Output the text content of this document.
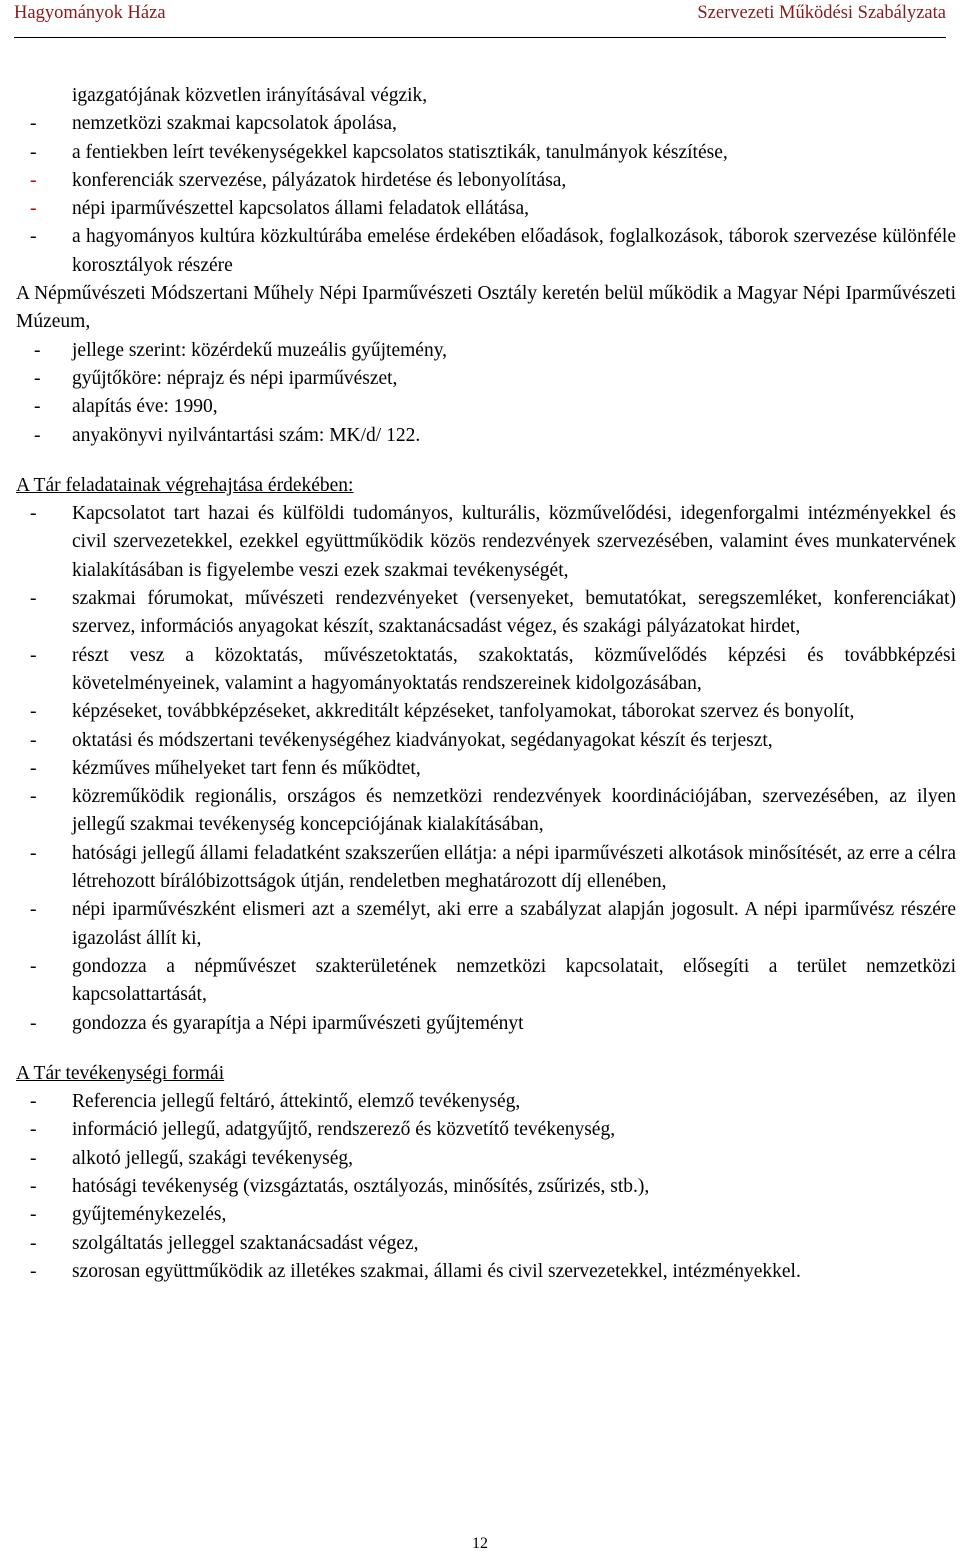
Hagyományok Háza	Szervezeti Működési Szabályzata
igazgatójának közvetlen irányításával végzik,
- nemzetközi szakmai kapcsolatok ápolása,
- a fentiekben leírt tevékenységekkel kapcsolatos statisztikák, tanulmányok készítése,
- konferenciák szervezése, pályázatok hirdetése és lebonyolítása,
- népi iparművészettel kapcsolatos állami feladatok ellátása,
- a hagyományos kultúra közkultúrába emelése érdekében előadások, foglalkozások, táborok szervezése különféle korosztályok részére

A Népművészeti Módszertani Műhely Népi Iparművészeti Osztály keretén belül működik a Magyar Népi Iparművészeti Múzeum,

- jellege szerint: közérdekű muzeális gyűjtemény,
- gyűjtőköre: néprajz és népi iparművészet,
- alapítás éve: 1990,
- anyakönyvi nyilvántartási szám: MK/d/ 122.

A Tár feladatainak végrehajtása érdekében:

- Kapcsolatot tart hazai és külföldi tudományos, kulturális, közművelődési, idegenforgalmi intézményekkel és civil szervezetekkel, ezekkel együttműködik közös rendezvények szervezésében, valamint éves munkatervének kialakításában is figyelembe veszi ezek szakmai tevékenységét,
- szakmai fórumokat, művészeti rendezvényeket (versenyeket, bemutatókat, seregszemléket, konferenciákat) szervez, információs anyagokat készít, szaktanácsadást végez, és szakági pályázatokat hirdet,
- részt vesz a közoktatás, művészetoktatás, szakoktatás, közművelődés képzési és továbbképzési követelményeinek, valamint a hagyományoktatás rendszereinek kidolgozásában,
- képzéseket, továbbképzéseket, akkreditált képzéseket, tanfolyamokat, táborokat szervez és bonyolít,
- oktatási és módszertani tevékenységéhez kiadványokat, segédanyagokat készít és terjeszt,
- kézműves műhelyeket tart fenn és működtet,
- közreműködik regionális, országos és nemzetközi rendezvények koordinációjában, szervezésében, az ilyen jellegű szakmai tevékenység koncepciójának kialakításában,
- hatósági jellegű állami feladatként szakszerűen ellátja: a népi iparművészeti alkotások minősítését, az erre a célra létrehozott bírálóbizottságok útján, rendeletben meghatározott díj ellenében,
- népi iparművészként elismeri azt a személyt, aki erre a szabályzat alapján jogosult. A népi iparművész részére igazolást állít ki,
- gondozza a népművészet szakterületének nemzetközi kapcsolatait, elősegíti a terület nemzetközi kapcsolattartását,
- gondozza és gyarapítja a Népi iparművészeti gyűjteményt

A Tár tevékenységi formái

- Referencia jellegű feltáró, áttekintő, elemző tevékenység,
- információ jellegű, adatgyűjtő, rendszerező és közvetítő tevékenység,
- alkotó jellegű, szakági tevékenység,
- hatósági tevékenység (vizsgáztatás, osztályozás, minősítés, zsűrizés, stb.),
- gyűjteménykezelés,
- szolgáltatás jelleggel szaktanácsadást végez,
- szorosan együttműködik az illetékes szakmai, állami és civil szervezetekkel, intézményekkel.
12
